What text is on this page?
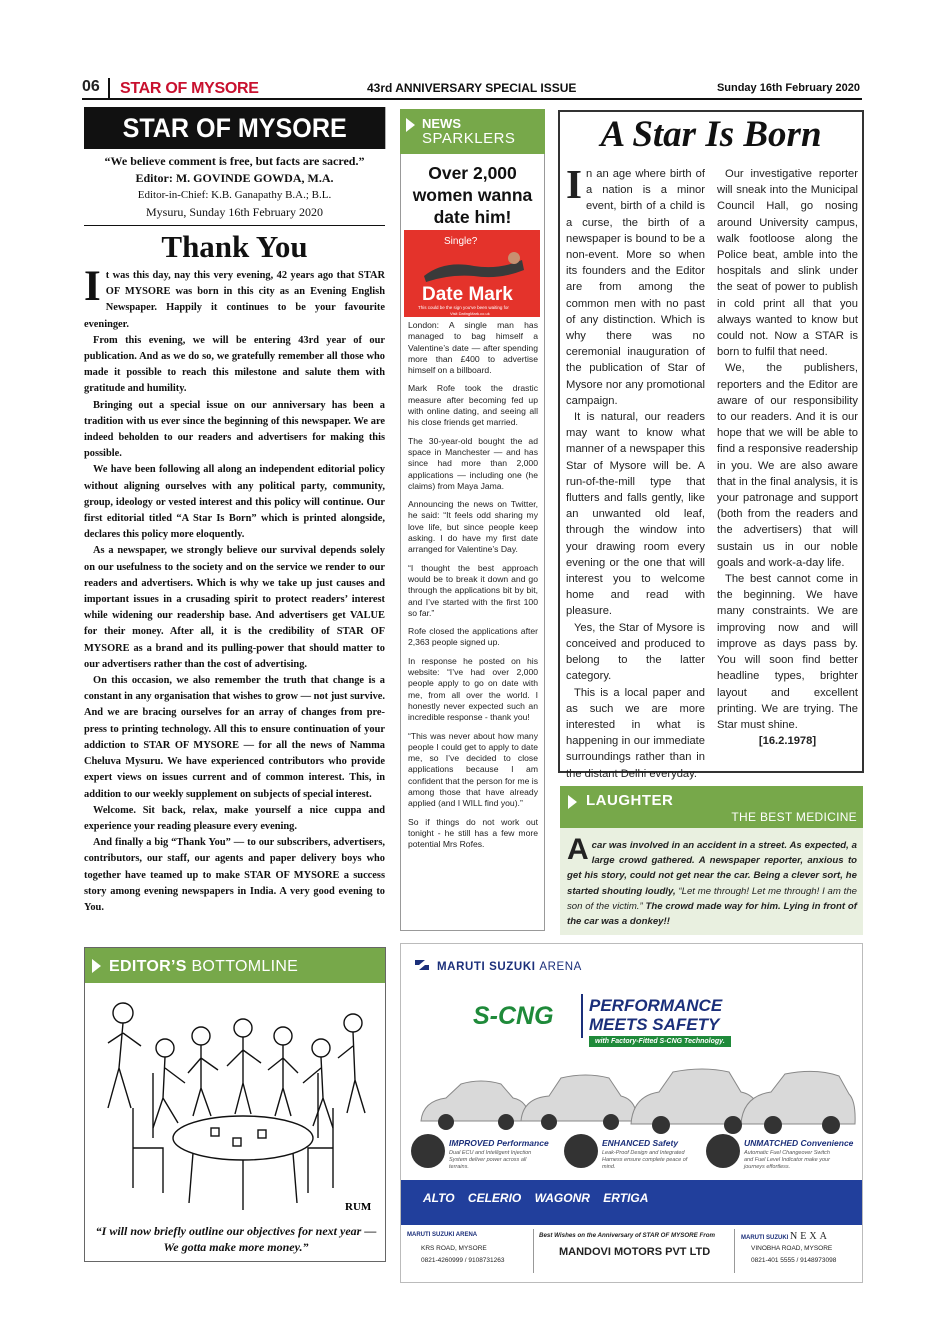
06	STAR OF MYSORE	43rd ANNIVERSARY SPECIAL ISSUE	Sunday 16th February 2020
STAR OF MYSORE
“We believe comment is free, but facts are sacred.”
Editor: M. GOVINDE GOWDA, M.A.
Editor-in-Chief: K.B. Ganapathy B.A.; B.L.
Mysuru, Sunday 16th February 2020
Thank You

It was this day, nay this very evening, 42 years ago that STAR OF MYSORE was born in this city as an Evening English Newspaper. Happily it continues to be your favourite eveninger.

From this evening, we will be entering 43rd year of our publication. And as we do so, we gratefully remember all those who made it possible to reach this milestone and salute them with gratitude and humility.

Bringing out a special issue on our anniversary has been a tradition with us ever since the beginning of this newspaper. We are indeed beholden to our readers and advertisers for making this possible.

We have been following all along an independent editorial policy without aligning ourselves with any political party, community, group, ideology or vested interest and this policy will continue. Our first editorial titled “A Star Is Born” which is printed alongside, declares this policy more eloquently.

As a newspaper, we strongly believe our survival depends solely on our usefulness to the society and on the service we render to our readers and advertisers. Which is why we take up just causes and important issues in a crusading spirit to protect readers’ interest while widening our readership base. And advertisers get VALUE for their money. After all, it is the credibility of STAR OF MYSORE as a brand and its pulling-power that should matter to our advertisers rather than the cost of advertising.

On this occasion, we also remember the truth that change is a constant in any organisation that wishes to grow — not just survive. And we are bracing ourselves for an array of changes from pre-press to printing technology. All this to ensure continuation of your addiction to STAR OF MYSORE — for all the news of Namma Cheluva Mysuru. We have experienced contributors who provide expert views on issues current and of common interest. This, in addition to our weekly supplement on subjects of special interest.

Welcome. Sit back, relax, make yourself a nice cuppa and experience your reading pleasure every evening.

And finally a big “Thank You” — to our subscribers, advertisers, contributors, our staff, our agents and paper delivery boys who together have teamed up to make STAR OF MYSORE a success story among evening newspapers in India. A very good evening to You.

EDITOR’S BOTTOMLINE
RUM
“I will now briefly outline our objectives for next year — We gotta make more money.”
NEWS
SPARKLERS
Over 2,000 women wanna date him!
Single?
Date Mark
This could be the sign you've been waiting for
Visit DatingMark.co.uk

London: A single man has managed to bag himself a Valentine’s date — after spending more than £400 to advertise himself on a billboard.

Mark Rofe took the drastic measure after becoming fed up with online dating, and seeing all his close friends get married.

The 30-year-old bought the ad space in Manchester — and has since had more than 2,000 applications — including one (he claims) from Maya Jama.

Announcing the news on Twitter, he said: “It feels odd sharing my love life, but since people keep asking. I do have my first date arranged for Valentine’s Day.

“I thought the best approach would be to break it down and go through the applications bit by bit, and I’ve started with the first 100 so far.”

Rofe closed the applications after 2,363 people signed up.

In response he posted on his website: “I’ve had over 2,000 people apply to go on date with me, from all over the world. I honestly never expected such an incredible response - thank you!

“This was never about how many people I could get to apply to date me, so I’ve decided to close applications because I am confident that the person for me is among those that have already applied (and I WILL find you).”

So if things do not work out tonight - he still has a few more potential Mrs Rofes.

A Star Is Born

In an age where birth of a nation is a minor event, birth of a child is a curse, the birth of a newspaper is bound to be a non-event. More so when its founders and the Editor are from among the common men with no past of any distinction. Which is why there was no ceremonial inauguration of the publication of Star of Mysore nor any promotional campaign.

It is natural, our readers may want to know what manner of a newspaper this Star of Mysore will be. A run-of-the-mill type that flutters and falls gently, like an unwanted old leaf, through the window into your drawing room every evening or the one that will interest you to welcome home and read with pleasure.

Yes, the Star of Mysore is conceived and produced to belong to the latter category.

This is a local paper and as such we are more interested in what is happening in our immediate surroundings rather than in the distant Delhi everyday.

Our investigative reporter will sneak into the Municipal Council Hall, go nosing around University campus, walk footloose along the Police beat, amble into the hospitals and slink under the seat of power to publish in cold print all that you always wanted to know but could not. Now a STAR is born to fulfil that need.

We, the publishers, reporters and the Editor are aware of our responsibility to our readers. And it is our hope that we will be able to find a responsive readership in you. We are also aware that in the final analysis, it is your patronage and support (both from the readers and the advertisers) that will sustain us in our noble goals and work-a-day life.

The best cannot come in the beginning. We have many constraints. We are improving now and will improve as days pass by. You will soon find better headline types, brighter layout and excellent printing. We are trying. The Star must shine.

[16.2.1978]
LAUGHTER
THE BEST MEDICINE
A car was involved in an accident in a street. As expected, a large crowd gathered. A newspaper reporter, anxious to get his story, could not get near the car. Being a clever sort, he started shouting loudly, “Let me through! Let me through! I am the son of the victim.” The crowd made way for him. Lying in front of the car was a donkey!!
MARUTI SUZUKI ARENA
S-CNG PERFORMANCE
MEETS SAFETY
with Factory-Fitted S-CNG Technology.
IMPROVED Performance
Dual ECU and Intelligent Injection System deliver power across all terrains.
ENHANCED Safety
Leak-Proof Design and Integrated Harness ensure complete peace of mind.
UNMATCHED Convenience
Automatic Fuel Changeover Switch and Fuel Level Indicator make your journeys effortless.
ALTO CELERIO WAGONR ERTIGA
MARUTI SUZUKI ARENA
KRS ROAD, MYSORE
0821-4260999 / 9108731263
Best Wishes on the Anniversary of STAR OF MYSORE From
MANDOVI MOTORS PVT LTD
MARUTI SUZUKI NEXA
VINOBHA ROAD, MYSORE
0821-401 5555 / 9148973098
